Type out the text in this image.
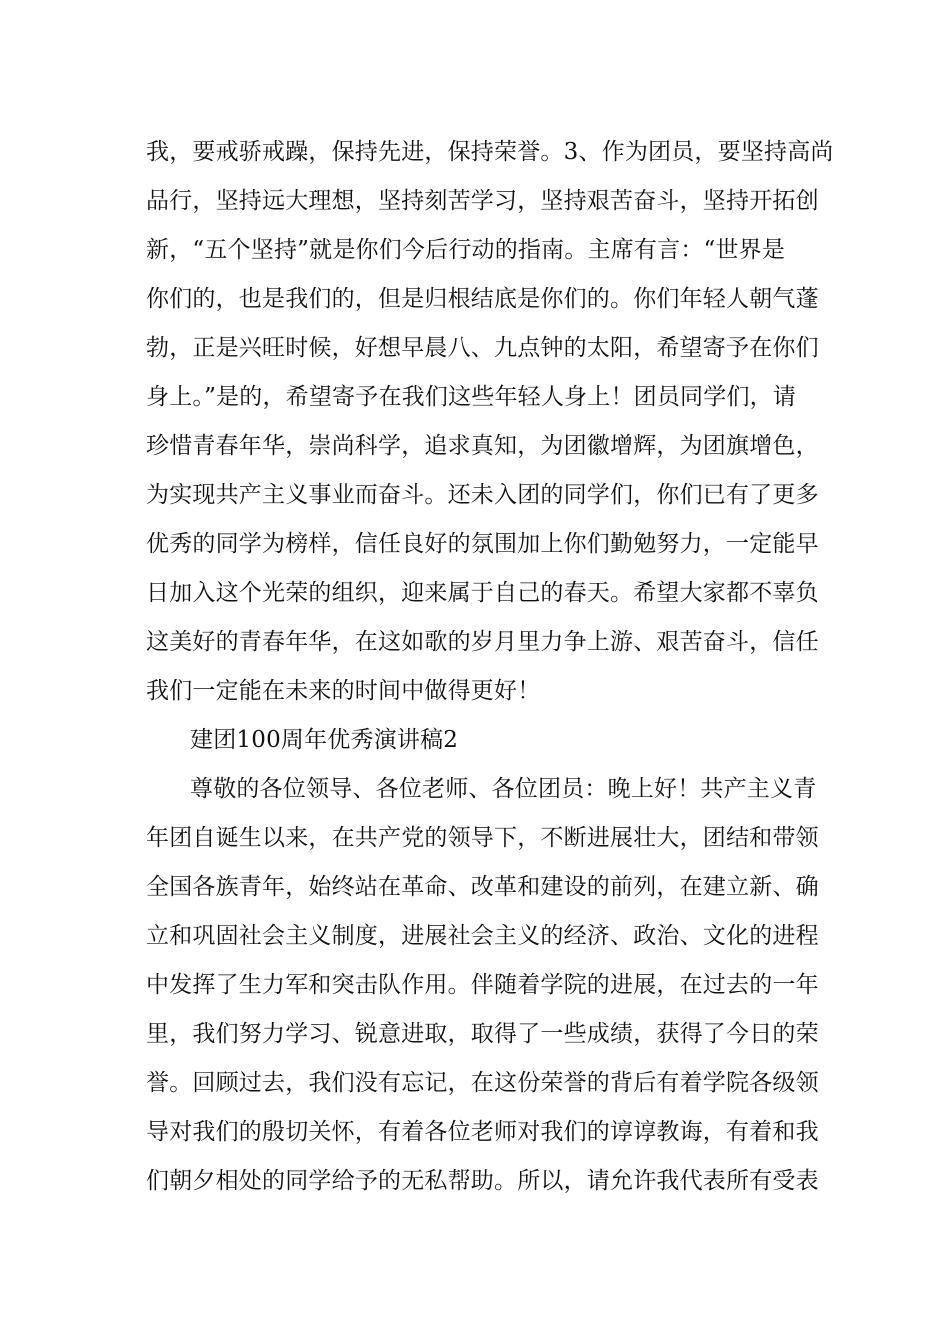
我，要戒骄戒躁，保持先进，保持荣誉。3、作为团员，要坚持高尚
品行，坚持远大理想，坚持刻苦学习，坚持艰苦奋斗，坚持开拓创
新，“五个坚持”就是你们今后行动的指南。主席有言：“世界是
你们的，也是我们的，但是归根结底是你们的。你们年轻人朝气蓬
勃，正是兴旺时候，好想早晨八、九点钟的太阳，希望寄予在你们
身上。”是的，希望寄予在我们这些年轻人身上！团员同学们，请
珍惜青春年华，崇尚科学，追求真知，为团徽增辉，为团旗增色，
为实现共产主义事业而奋斗。还未入团的同学们，你们已有了更多
优秀的同学为榜样，信任良好的氛围加上你们勤勉努力，一定能早
日加入这个光荣的组织，迎来属于自己的春天。希望大家都不辜负
这美好的青春年华，在这如歌的岁月里力争上游、艰苦奋斗，信任
我们一定能在未来的时间中做得更好！
建团100周年优秀演讲稿2
尊敬的各位领导、各位老师、各位团员：晚上好！共产主义青
年团自诞生以来，在共产党的领导下，不断进展壮大，团结和带领
全国各族青年，始终站在革命、改革和建设的前列，在建立新、确
立和巩固社会主义制度，进展社会主义的经济、政治、文化的进程
中发挥了生力军和突击队作用。伴随着学院的进展，在过去的一年
里，我们努力学习、锐意进取，取得了一些成绩，获得了今日的荣
誉。回顾过去，我们没有忘记，在这份荣誉的背后有着学院各级领
导对我们的殷切关怀，有着各位老师对我们的谆谆教诲，有着和我
们朝夕相处的同学给予的无私帮助。所以，请允许我代表所有受表
